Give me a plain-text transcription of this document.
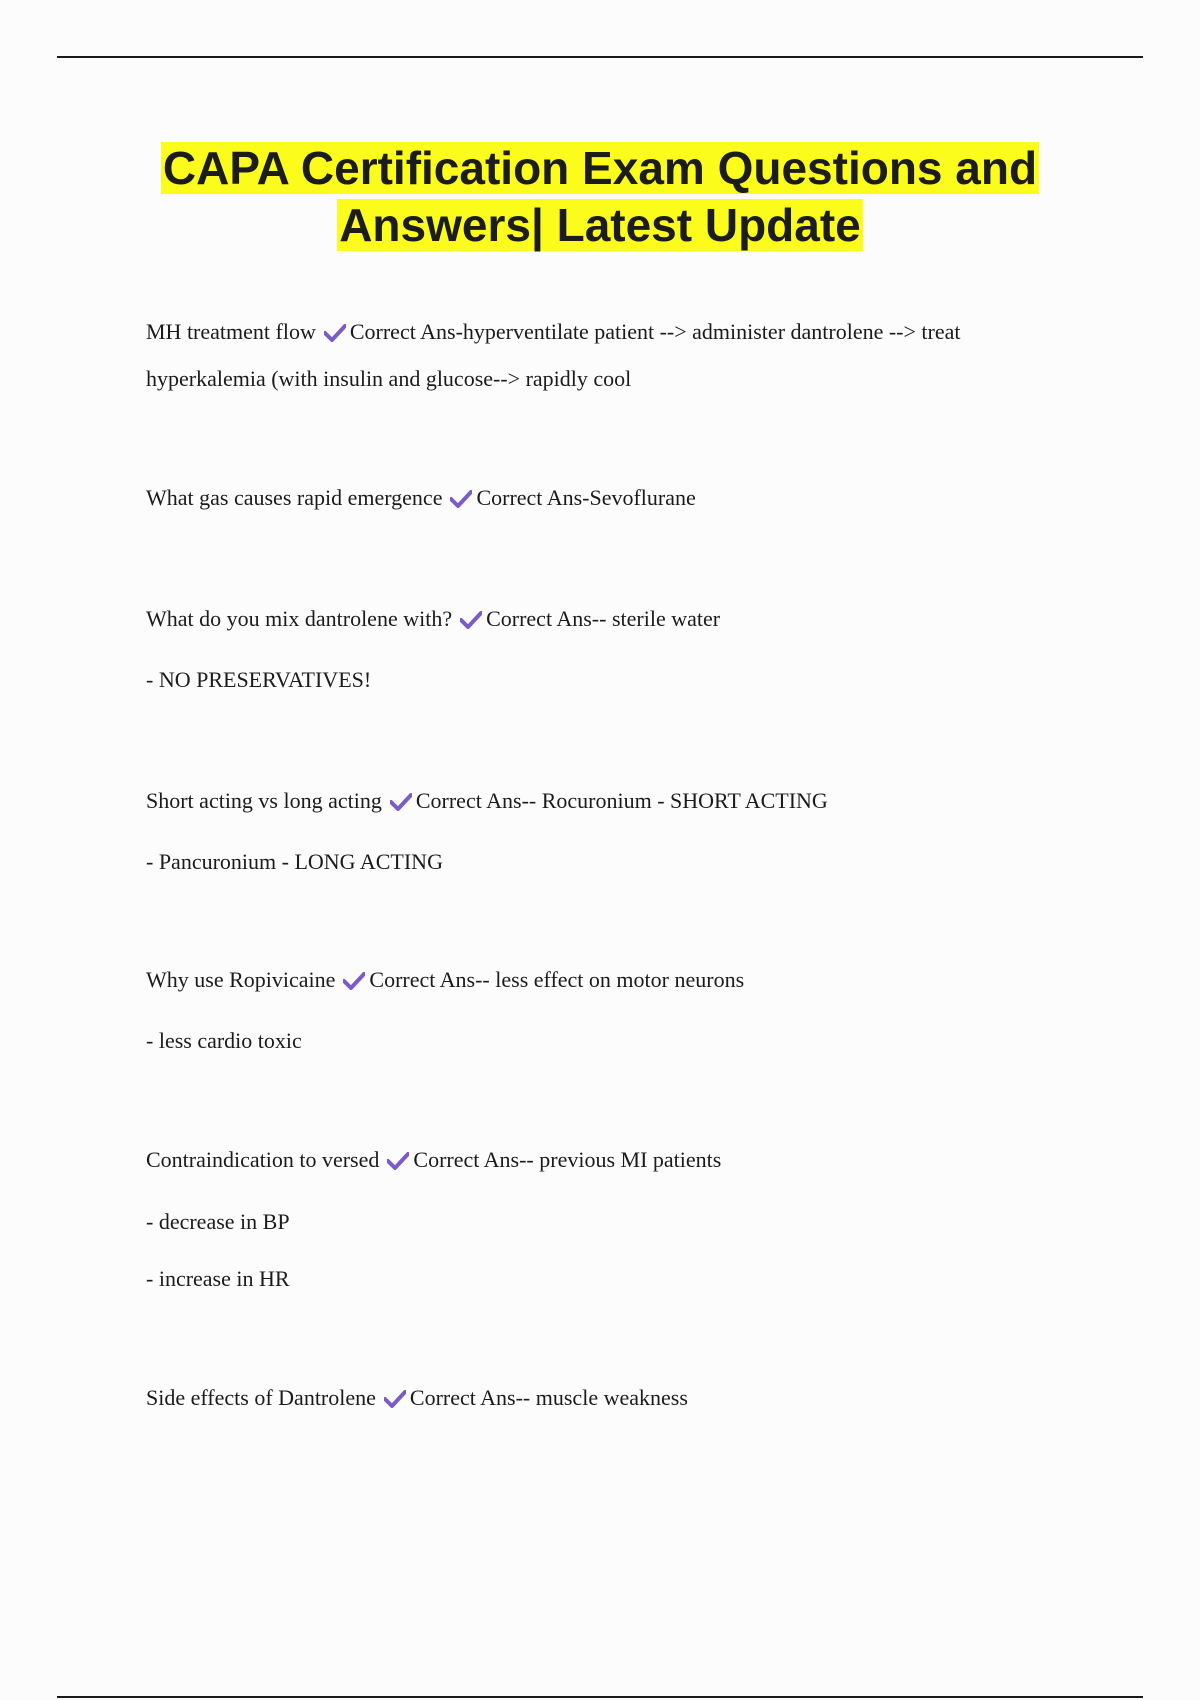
CAPA Certification Exam Questions and
Answers| Latest Update

MH treatment flow Correct Ans-hyperventilate patient --> administer dantrolene --> treat
hyperkalemia (with insulin and glucose--> rapidly cool

What gas causes rapid emergence Correct Ans-Sevoflurane

What do you mix dantrolene with? Correct Ans-- sterile water

- NO PRESERVATIVES!

Short acting vs long acting Correct Ans-- Rocuronium - SHORT ACTING

- Pancuronium - LONG ACTING

Why use Ropivicaine Correct Ans-- less effect on motor neurons

- less cardio toxic

Contraindication to versed Correct Ans-- previous MI patients

- decrease in BP

- increase in HR

Side effects of Dantrolene Correct Ans-- muscle weakness
